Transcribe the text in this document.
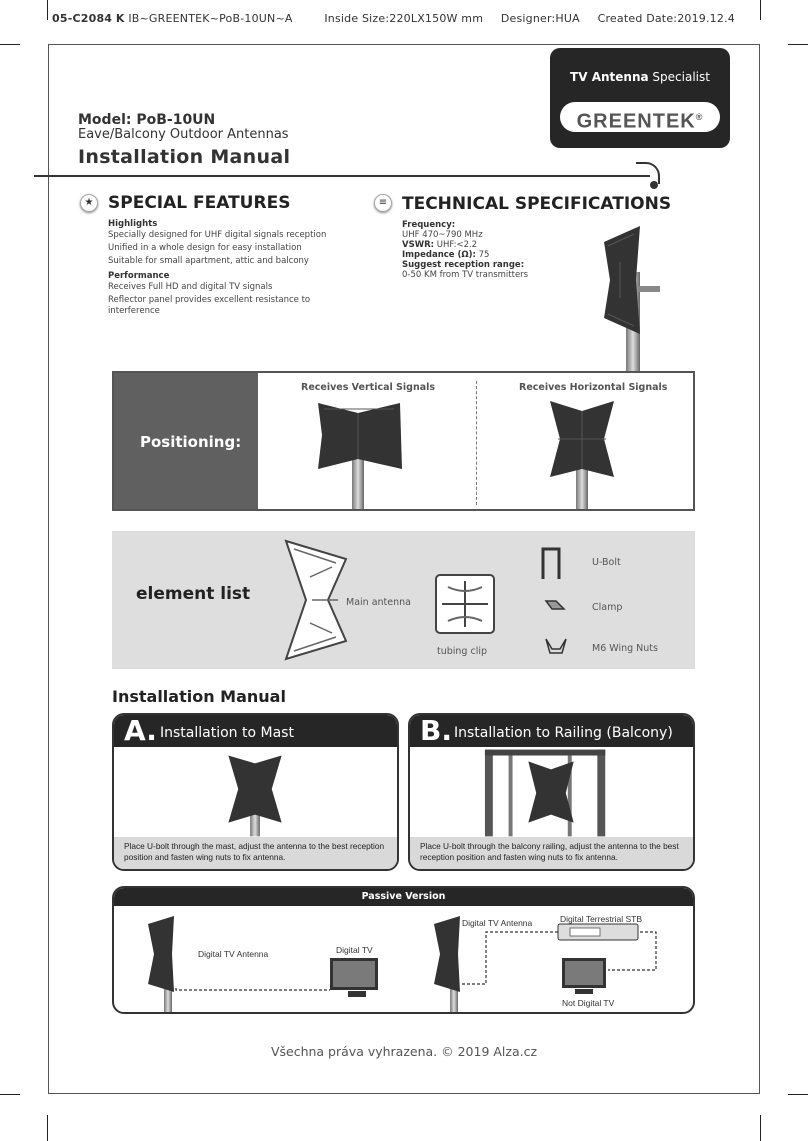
05-C2084 K IB~GREENTEK~PoB-10UN~A	Inside Size:220LX150W mm Designer:HUA Created Date:2019.12.4
TV Antenna Specialist
GREENTEK®
Model: PoB-10UN
Eave/Balcony Outdoor Antennas
Installation Manual
★ SPECIAL FEATURES
Highlights
Specially designed for UHF digital signals reception
Unified in a whole design for easy installation
Suitable for small apartment, attic and balcony
Performance
Receives Full HD and digital TV signals
Reflector panel provides excellent resistance to
interference
≡ TECHNICAL SPECIFICATIONS
Frequency:
UHF 470~790 MHz
VSWR: UHF:<2.2
Impedance (Ω): 75
Suggest reception range:
0-50 KM from TV transmitters
Positioning:
Receives Vertical Signals	Receives Horizontal Signals
element list	Main antenna
tubing clip
U-Bolt
Clamp
M6 Wing Nuts
Installation Manual
A. Installation to Mast
Place U-bolt through the mast, adjust the antenna to the best reception position and fasten wing nuts to fix antenna.
B. Installation to Railing (Balcony)
Place U-bolt through the balcony railing, adjust the antenna to the best reception position and fasten wing nuts to fix antenna.
Passive Version
Digital TV Antenna	Digital TV
Digital TV Antenna	Digital Terrestrial STB
Not Digital TV
Všechna práva vyhrazena. © 2019 Alza.cz
